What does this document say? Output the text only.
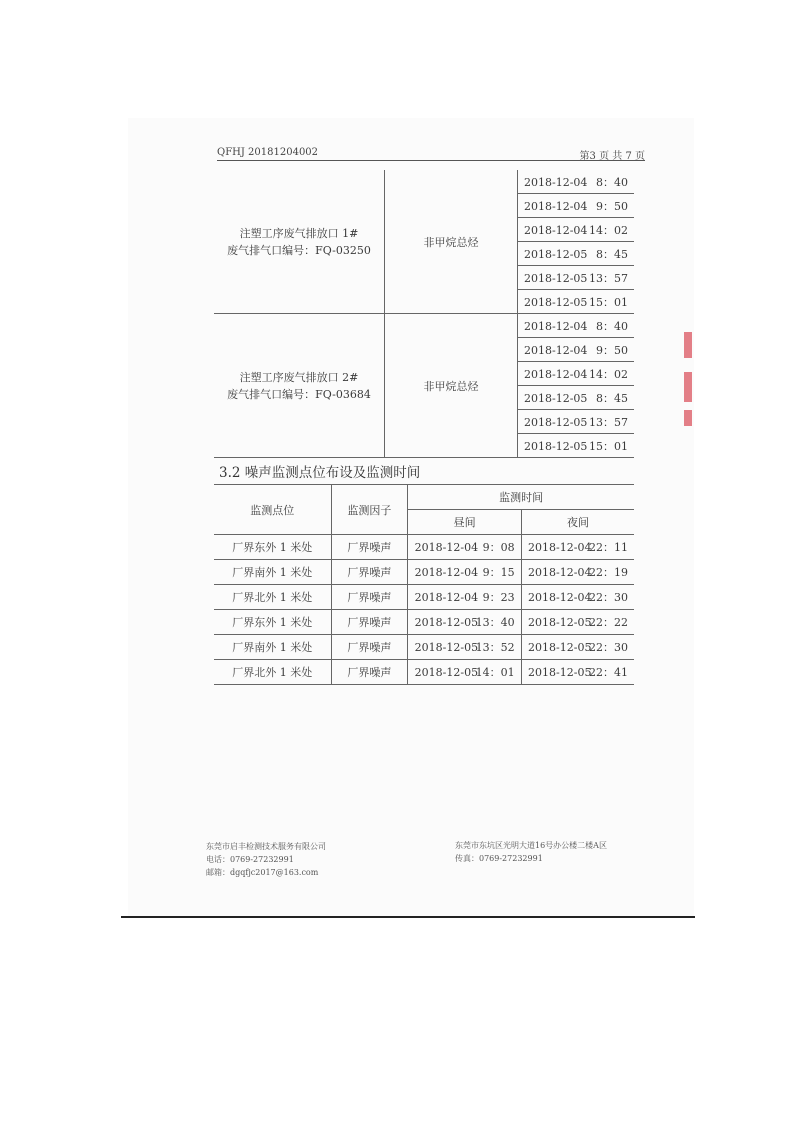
QFHJ 20181204002	第3 页 共 7 页
注塑工序废气排放口 1#
废气排气口编号：FQ-03250	非甲烷总烃	2018-12-04 8：40
		2018-12-04 9：50
		2018-12-04 14：02
		2018-12-05 8：45
		2018-12-05 13：57
		2018-12-05 15：01

注塑工序废气排放口 2#
废气排气口编号：FQ-03684	非甲烷总烃	2018-12-04 8：40
		2018-12-04 9：50
		2018-12-04 14：02
		2018-12-05 8：45
		2018-12-05 13：57
		2018-12-05 15：01
3.2 噪声监测点位布设及监测时间
监测点位	监测因子	监测时间	
		昼间	夜间
厂界东外 1 米处	厂界噪声	2018-12-04 9：08	2018-12-0422：11
厂界南外 1 米处	厂界噪声	2018-12-04 9：15	2018-12-0422：19
厂界北外 1 米处	厂界噪声	2018-12-04 9：23	2018-12-0422：30
厂界东外 1 米处	厂界噪声	2018-12-0513：40	2018-12-0522：22
厂界南外 1 米处	厂界噪声	2018-12-0513：52	2018-12-0522：30
厂界北外 1 米处	厂界噪声	2018-12-0514：01	2018-12-0522：41
东莞市启丰检测技术服务有限公司
电话：0769-27232991
邮箱：dgqfjc2017@163.com
东莞市东坑区光明大道16号办公楼二楼A区
传真：0769-27232991
